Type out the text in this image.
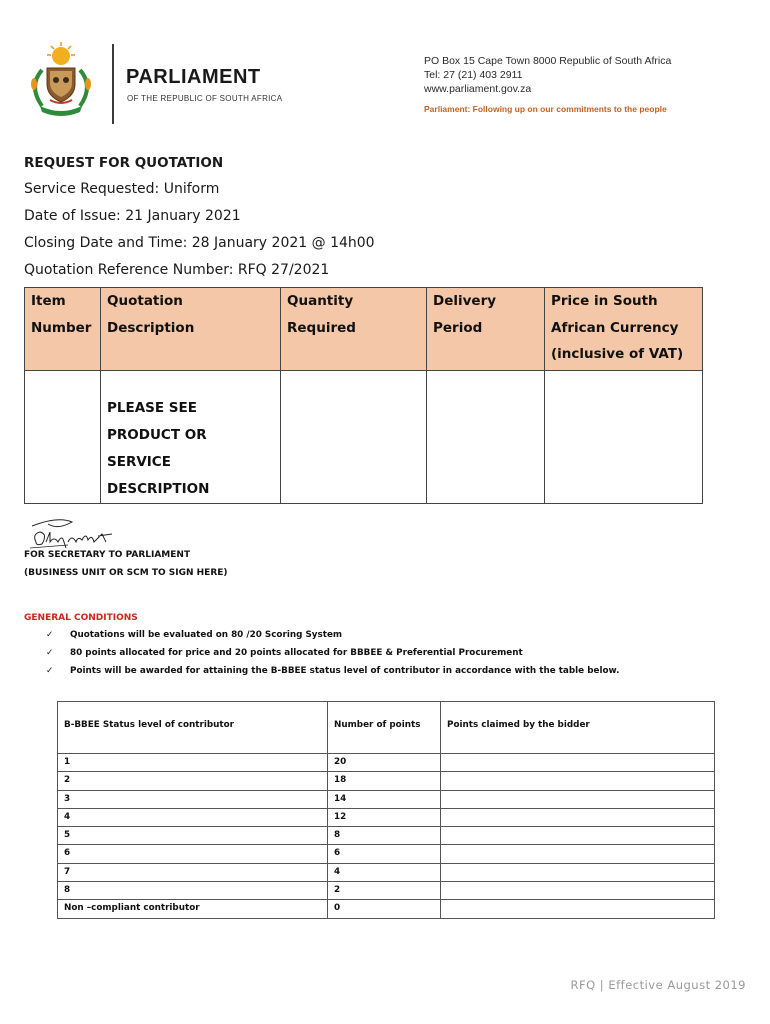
PARLIAMENT
OF THE REPUBLIC OF SOUTH AFRICA
PO Box 15 Cape Town 8000 Republic of South Africa
Tel: 27 (21) 403 2911
www.parliament.gov.za
Parliament: Following up on our commitments to the people
REQUEST FOR QUOTATION
Service Requested: Uniform
Date of Issue: 21 January 2021
Closing Date and Time: 28 January 2021 @ 14h00
Quotation Reference Number: RFQ 27/2021
Item Number	Quotation Description	Quantity Required	Delivery Period	Price in South African Currency (inclusive of VAT)

	PLEASE SEE PRODUCT OR SERVICE DESCRIPTION			

FOR SECRETARY TO PARLIAMENT
(BUSINESS UNIT OR SCM TO SIGN HERE)
GENERAL CONDITIONS
✓ Quotations will be evaluated on 80 /20 Scoring System
✓ 80 points allocated for price and 20 points allocated for BBBEE & Preferential Procurement
✓ Points will be awarded for attaining the B-BBEE status level of contributor in accordance with the table below.
B-BBEE Status level of contributor	Number of points	Points claimed by the bidder
1	20	
2	18	
3	14	
4	12	
5	8	
6	6	
7	4	
8	2	
Non –compliant contributor	0	
RFQ | Effective August 2019
